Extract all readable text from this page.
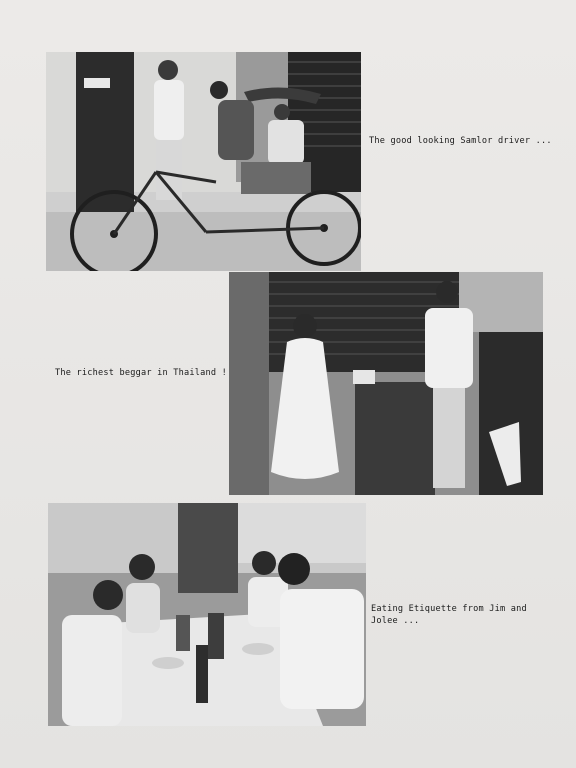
The good looking Samlor driver ...
The richest beggar in Thailand !
Eating Etiquette from Jim and
Jolee ...
